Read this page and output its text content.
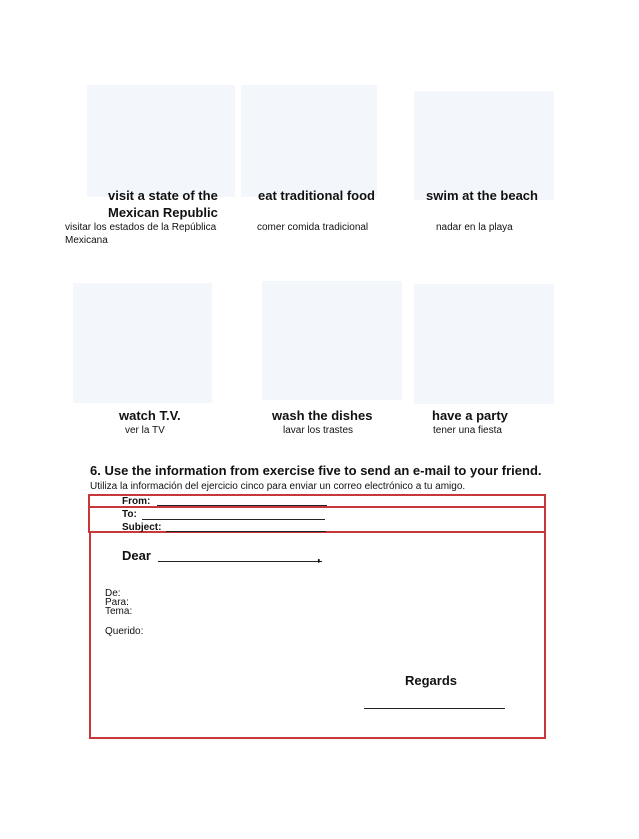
visit a state of the
Mexican Republic
eat traditional food	swim at the beach
visitar los estados de la República
Mexicana
comer comida tradicional	nadar en la playa
watch T.V.	wash the dishes	have a party
ver la TV	lavar los trastes	tener una fiesta
6. Use the information from exercise five to send an e-mail to your friend.
Utiliza la información del ejercicio cinco para enviar un correo electrónico a tu amigo.
From:
To:
Subject:
Dear	,
De:
Para:
Tema:
Querido:
Regards
